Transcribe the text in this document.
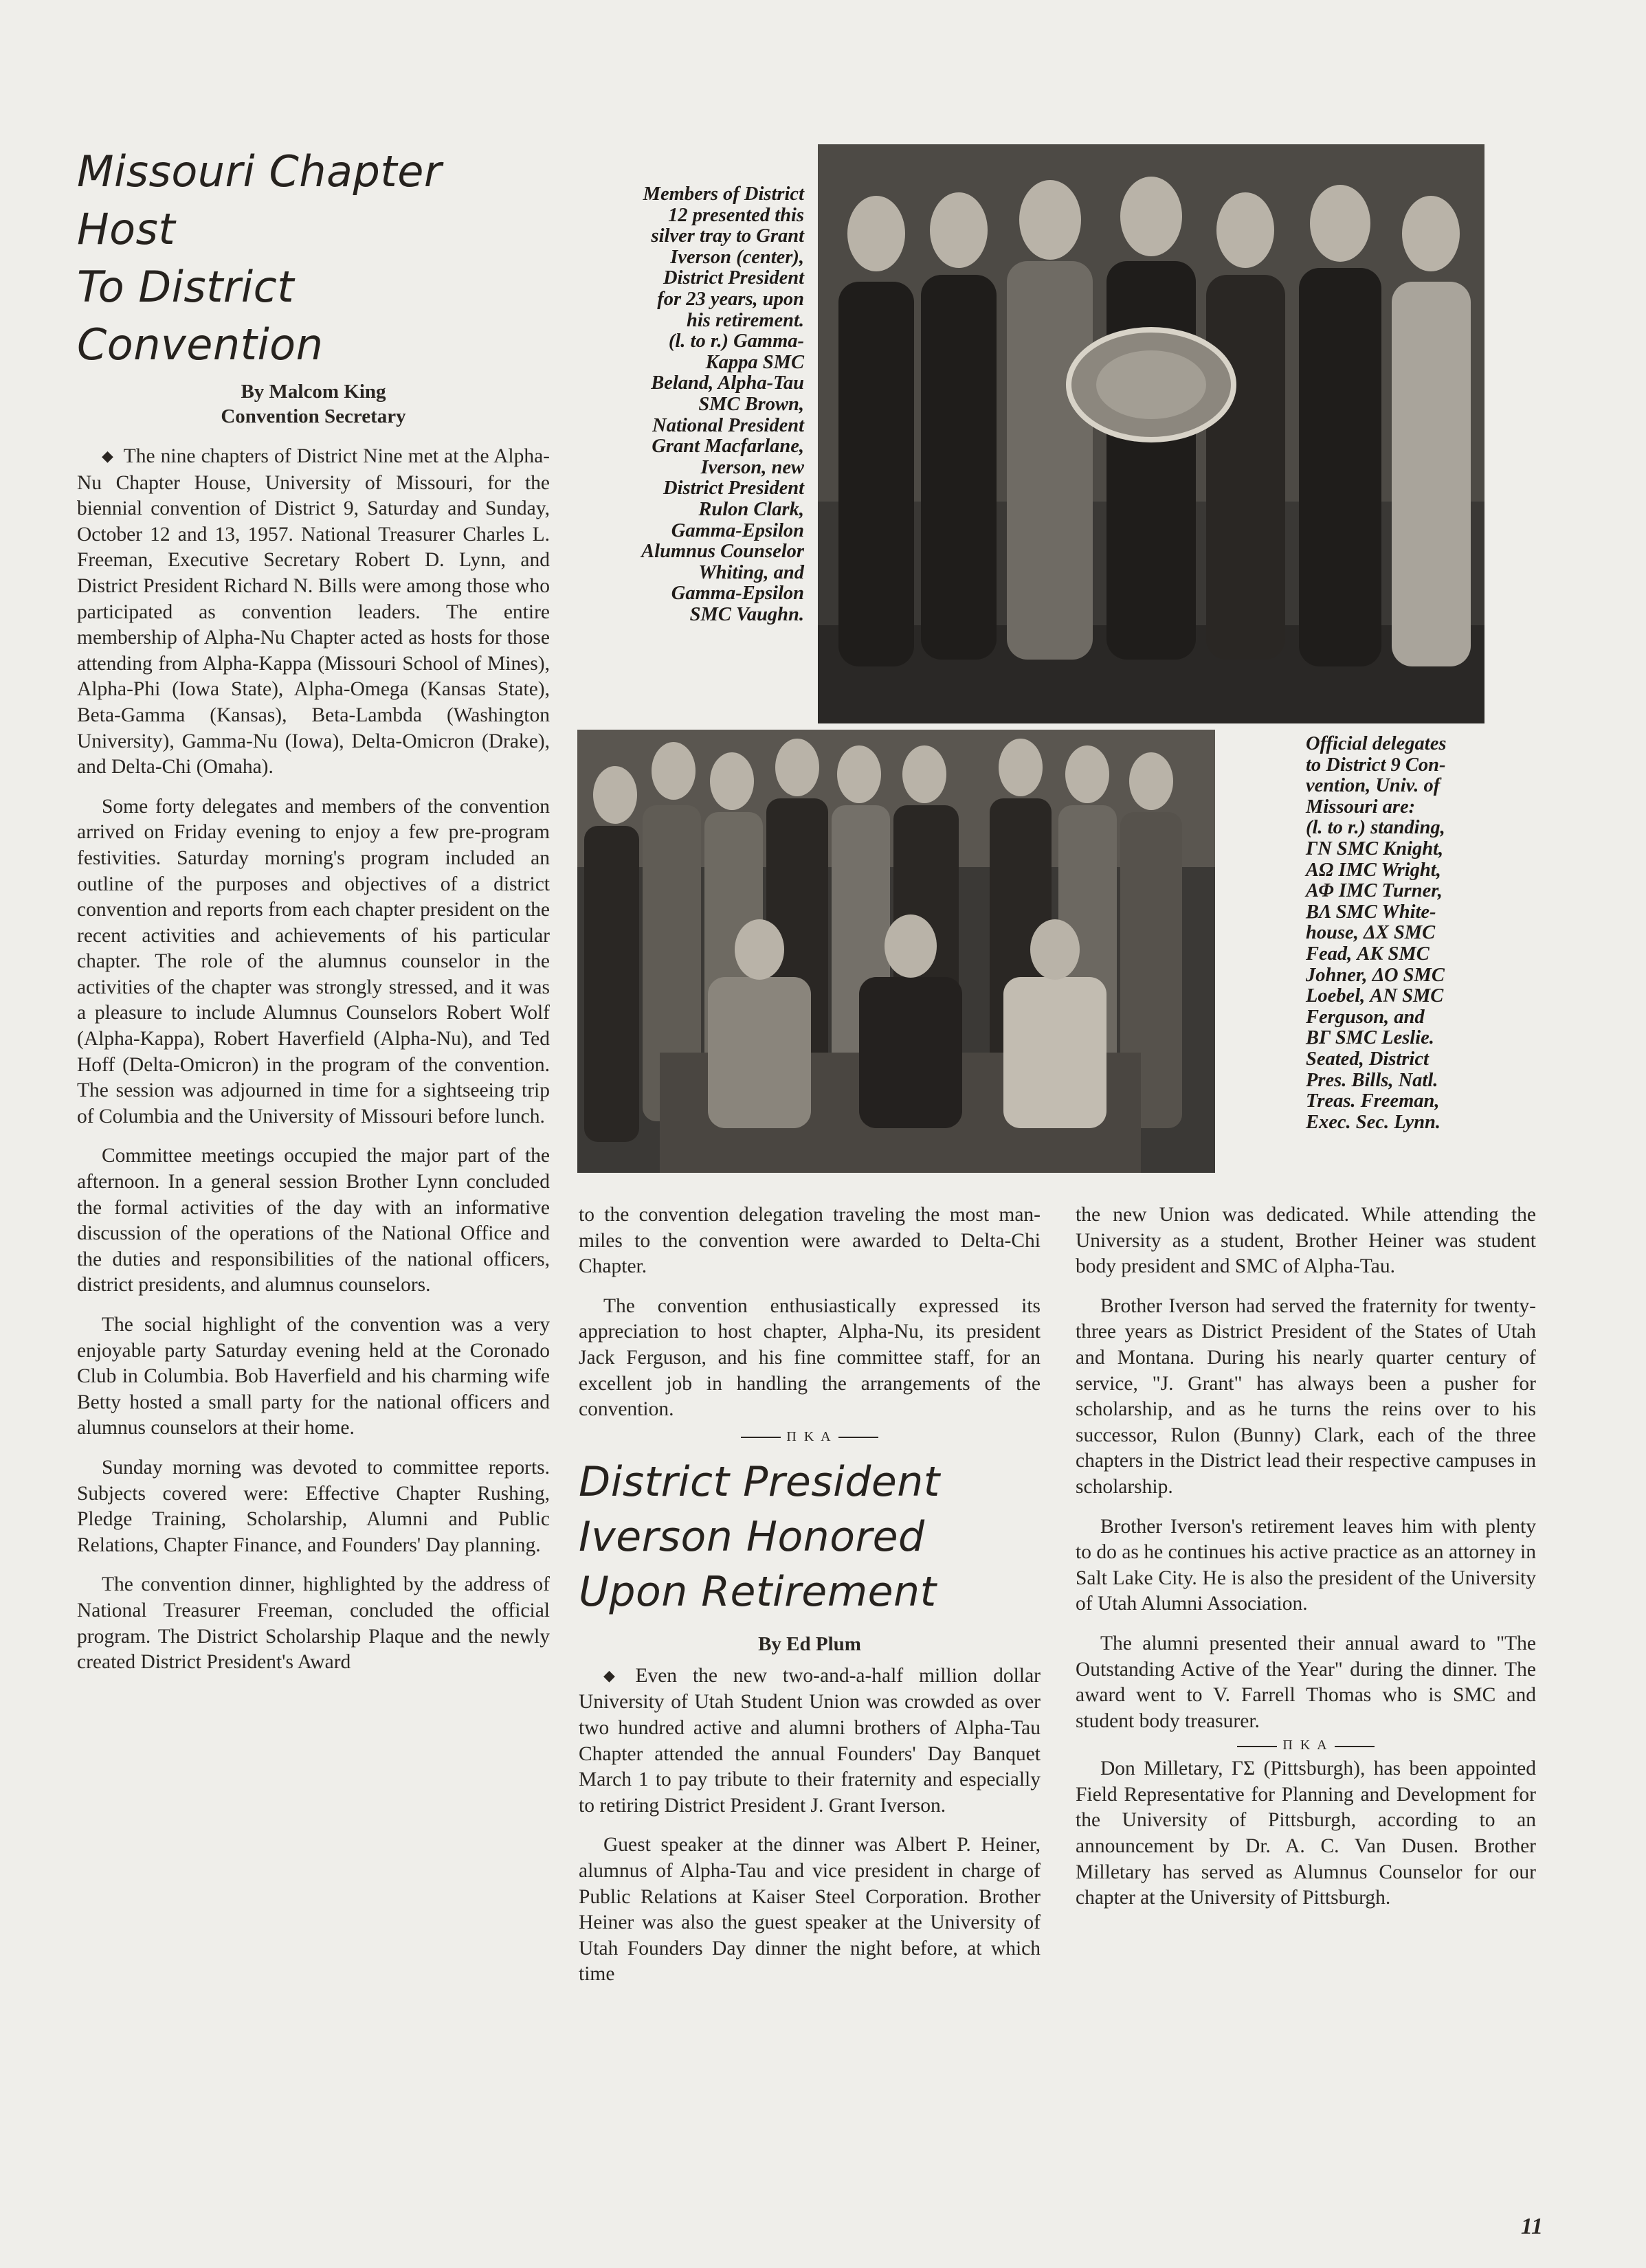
Missouri Chapter Host
To District Convention
By Malcom King
Convention Secretary

◆ The nine chapters of District Nine met at the Alpha-Nu Chapter House, University of Missouri, for the biennial convention of District 9, Saturday and Sunday, October 12 and 13, 1957. National Treasurer Charles L. Freeman, Executive Secretary Robert D. Lynn, and District President Richard N. Bills were among those who participated as convention leaders. The entire membership of Alpha-Nu Chapter acted as hosts for those attending from Alpha-Kappa (Missouri School of Mines), Alpha-Phi (Iowa State), Alpha-Omega (Kansas State), Beta-Gamma (Kansas), Beta-Lambda (Washington University), Gamma-Nu (Iowa), Delta-Omicron (Drake), and Delta-Chi (Omaha).

Some forty delegates and members of the convention arrived on Friday evening to enjoy a few pre-program festivities. Saturday morning's program included an outline of the purposes and objectives of a district convention and reports from each chapter president on the recent activities and achievements of his particular chapter. The role of the alumnus counselor in the activities of the chapter was strongly stressed, and it was a pleasure to include Alumnus Counselors Robert Wolf (Alpha-Kappa), Robert Haverfield (Alpha-Nu), and Ted Hoff (Delta-Omicron) in the program of the convention. The session was adjourned in time for a sightseeing trip of Columbia and the University of Missouri before lunch.

Committee meetings occupied the major part of the afternoon. In a general session Brother Lynn concluded the formal activities of the day with an informative discussion of the operations of the National Office and the duties and responsibilities of the national officers, district presidents, and alumnus counselors.

The social highlight of the convention was a very enjoyable party Saturday evening held at the Coronado Club in Columbia. Bob Haverfield and his charming wife Betty hosted a small party for the national officers and alumnus counselors at their home.

Sunday morning was devoted to committee reports. Subjects covered were: Effective Chapter Rushing, Pledge Training, Scholarship, Alumni and Public Relations, Chapter Finance, and Founders' Day planning.

The convention dinner, highlighted by the address of National Treasurer Freeman, concluded the official program. The District Scholarship Plaque and the newly created District President's Award

Members of District
12 presented this
silver tray to Grant
Iverson (center),
District President
for 23 years, upon
his retirement.
(l. to r.) Gamma-
Kappa SMC
Beland, Alpha-Tau
SMC Brown,
National President
Grant Macfarlane,
Iverson, new
District President
Rulon Clark,
Gamma-Epsilon
Alumnus Counselor
Whiting, and
Gamma-Epsilon
SMC Vaughn.
Official delegates
to District 9 Con-
vention, Univ. of
Missouri are:
(l. to r.) standing,
ΓΝ SMC Knight,
ΑΩ IMC Wright,
ΑΦ IMC Turner,
ΒΛ SMC White-
house, ΔΧ SMC
Fead, ΑΚ SMC
Johner, ΔΟ SMC
Loebel, ΑΝ SMC
Ferguson, and
ΒΓ SMC Leslie.
Seated, District
Pres. Bills, Natl.
Treas. Freeman,
Exec. Sec. Lynn.

to the convention delegation traveling the most man-miles to the convention were awarded to Delta-Chi Chapter.

The convention enthusiastically expressed its appreciation to host chapter, Alpha-Nu, its president Jack Ferguson, and his fine committee staff, for an excellent job in handling the arrangements of the convention.

Π K A
District President
Iverson Honored
Upon Retirement
By Ed Plum

◆ Even the new two-and-a-half million dollar University of Utah Student Union was crowded as over two hundred active and alumni brothers of Alpha-Tau Chapter attended the annual Founders' Day Banquet March 1 to pay tribute to their fraternity and especially to retiring District President J. Grant Iverson.

Guest speaker at the dinner was Albert P. Heiner, alumnus of Alpha-Tau and vice president in charge of Public Relations at Kaiser Steel Corporation. Brother Heiner was also the guest speaker at the University of Utah Founders Day dinner the night before, at which time

the new Union was dedicated. While attending the University as a student, Brother Heiner was student body president and SMC of Alpha-Tau.

Brother Iverson had served the fraternity for twenty-three years as District President of the States of Utah and Montana. During his nearly quarter century of service, "J. Grant" has always been a pusher for scholarship, and as he turns the reins over to his successor, Rulon (Bunny) Clark, each of the three chapters in the District lead their respective campuses in scholarship.

Brother Iverson's retirement leaves him with plenty to do as he continues his active practice as an attorney in Salt Lake City. He is also the president of the University of Utah Alumni Association.

The alumni presented their annual award to "The Outstanding Active of the Year" during the dinner. The award went to V. Farrell Thomas who is SMC and student body treasurer.

Π K A

Don Milletary, ΓΣ (Pittsburgh), has been appointed Field Representative for Planning and Development for the University of Pittsburgh, according to an announcement by Dr. A. C. Van Dusen. Brother Milletary has served as Alumnus Counselor for our chapter at the University of Pittsburgh.

11
